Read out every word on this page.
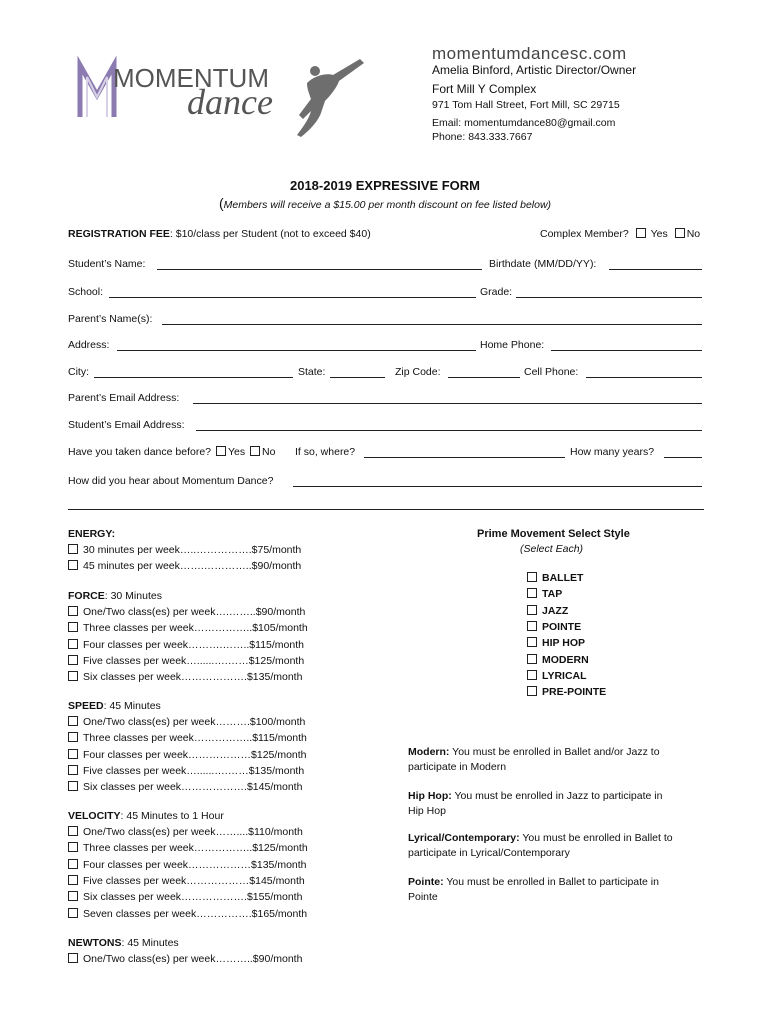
MOMENTUM
dance
momentumdancesc.com
Amelia Binford, Artistic Director/Owner
Fort Mill Y Complex
971 Tom Hall Street, Fort Mill, SC 29715
Email: momentumdance80@gmail.com
Phone: 843.333.7667
2018-2019 EXPRESSIVE FORM
(Members will receive a $15.00 per month discount on fee listed below)
REGISTRATION FEE: $10/class per Student (not to exceed $40)	Complex Member? Yes No
Student’s Name:	Birthdate (MM/DD/YY):
School:	Grade:
Parent’s Name(s):
Address:	Home Phone:
City:	State:	Zip Code:	Cell Phone:
Parent’s Email Address:
Student’s Email Address:
Have you taken dance before? Yes No If so, where?	How many years?
How did you hear about Momentum Dance?
ENERGY:
30 minutes per week…..…………….$75/month
45 minutes per week…….…………..$90/month
FORCE: 30 Minutes
One/Two class(es) per week….……..$90/month
Three classes per week……………..$105/month
Four classes per week……….……..$115/month
Five classes per week…......….……$125/month
Six classes per week……………….$135/month
SPEED: 45 Minutes
One/Two class(es) per week……….$100/month
Three classes per week……………..$115/month
Four classes per week………………$125/month
Five classes per week…......….……$135/month
Six classes per week……………….$145/month
VELOCITY: 45 Minutes to 1 Hour
One/Two class(es) per week……....$110/month
Three classes per week……………..$125/month
Four classes per week………………$135/month
Five classes per week………………$145/month
Six classes per week……………….$155/month
Seven classes per week…………….$165/month
NEWTONS: 45 Minutes
One/Two class(es) per week………..$90/month
Prime Movement Select Style
(Select Each)
BALLET
TAP
JAZZ
POINTE
HIP HOP
MODERN
LYRICAL
PRE-POINTE
Modern: You must be enrolled in Ballet and/or Jazz to
participate in Modern
Hip Hop: You must be enrolled in Jazz to participate in
Hip Hop
Lyrical/Contemporary: You must be enrolled in Ballet to
participate in Lyrical/Contemporary
Pointe: You must be enrolled in Ballet to participate in
Pointe
